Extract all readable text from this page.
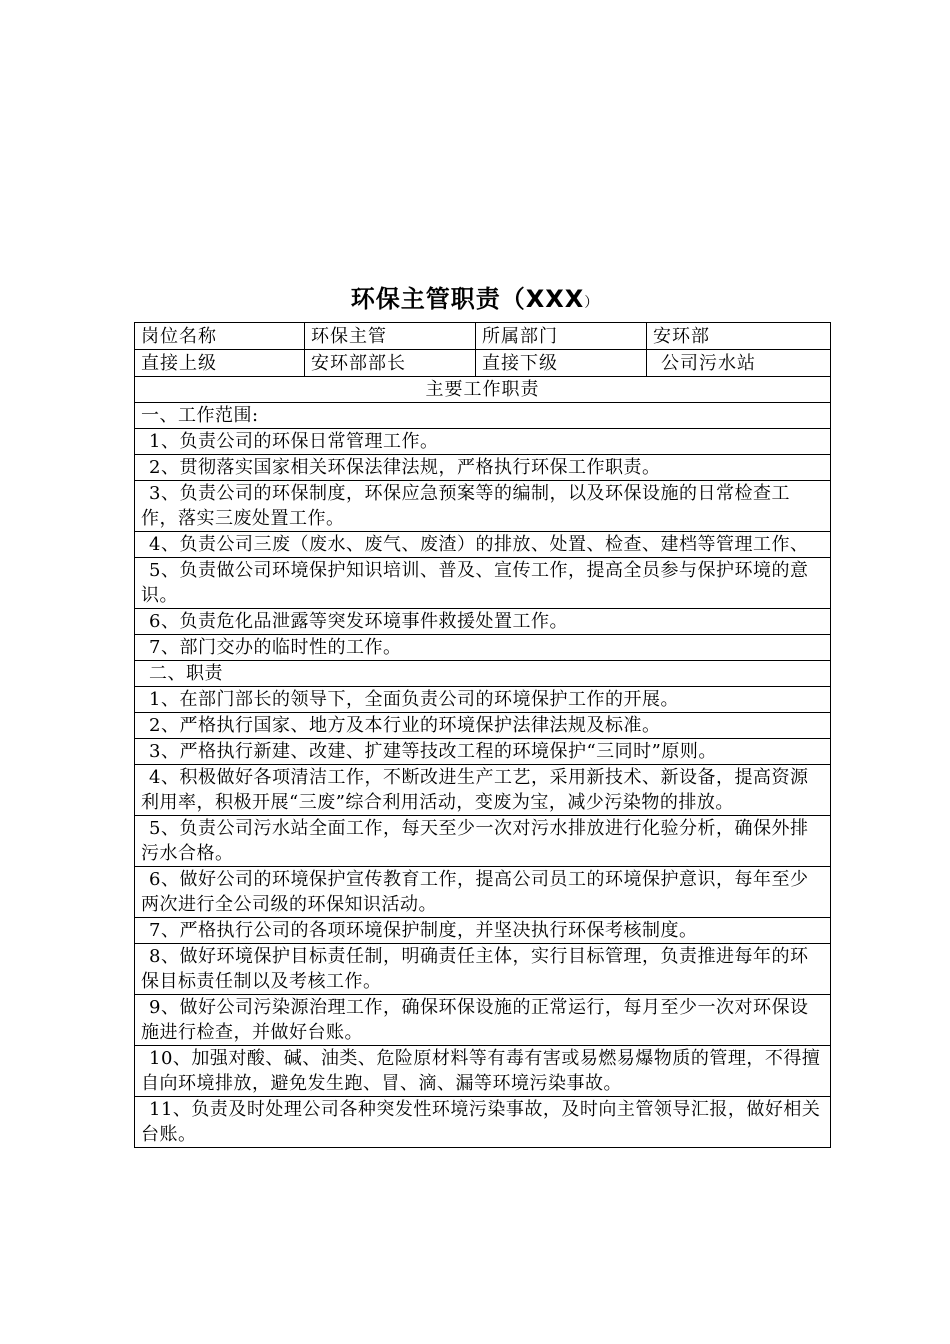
环保主管职责（XXX）
岗位名称	环保主管	所属部门	安环部
直接上级	安环部部长	直接下级	公司污水站
主要工作职责			
一、工作范围:			
1、负责公司的环保日常管理工作。			
2、贯彻落实国家相关环保法律法规，严格执行环保工作职责。			
3、负责公司的环保制度，环保应急预案等的编制，以及环保设施的日常检查工作，落实三废处置工作。			
4、负责公司三废（废水、废气、废渣）的排放、处置、检查、建档等管理工作、			
5、负责做公司环境保护知识培训、普及、宣传工作，提高全员参与保护环境的意识。			
6、负责危化品泄露等突发环境事件救援处置工作。			
7、部门交办的临时性的工作。			
二、职责			
1、在部门部长的领导下，全面负责公司的环境保护工作的开展。			
2、严格执行国家、地方及本行业的环境保护法律法规及标准。			
3、严格执行新建、改建、扩建等技改工程的环境保护“三同时”原则。			
4、积极做好各项清洁工作，不断改进生产工艺，采用新技术、新设备，提高资源利用率，积极开展“三废”综合利用活动，变废为宝，减少污染物的排放。			
5、负责公司污水站全面工作，每天至少一次对污水排放进行化验分析，确保外排污水合格。			
6、做好公司的环境保护宣传教育工作，提高公司员工的环境保护意识，每年至少两次进行全公司级的环保知识活动。			
7、严格执行公司的各项环境保护制度，并坚决执行环保考核制度。			
8、做好环境保护目标责任制，明确责任主体，实行目标管理，负责推进每年的环保目标责任制以及考核工作。			
9、做好公司污染源治理工作，确保环保设施的正常运行，每月至少一次对环保设施进行检查，并做好台账。			
10、加强对酸、碱、油类、危险原材料等有毒有害或易燃易爆物质的管理，不得擅自向环境排放，避免发生跑、冒、滴、漏等环境污染事故。			
11、负责及时处理公司各种突发性环境污染事故，及时向主管领导汇报，做好相关台账。			
